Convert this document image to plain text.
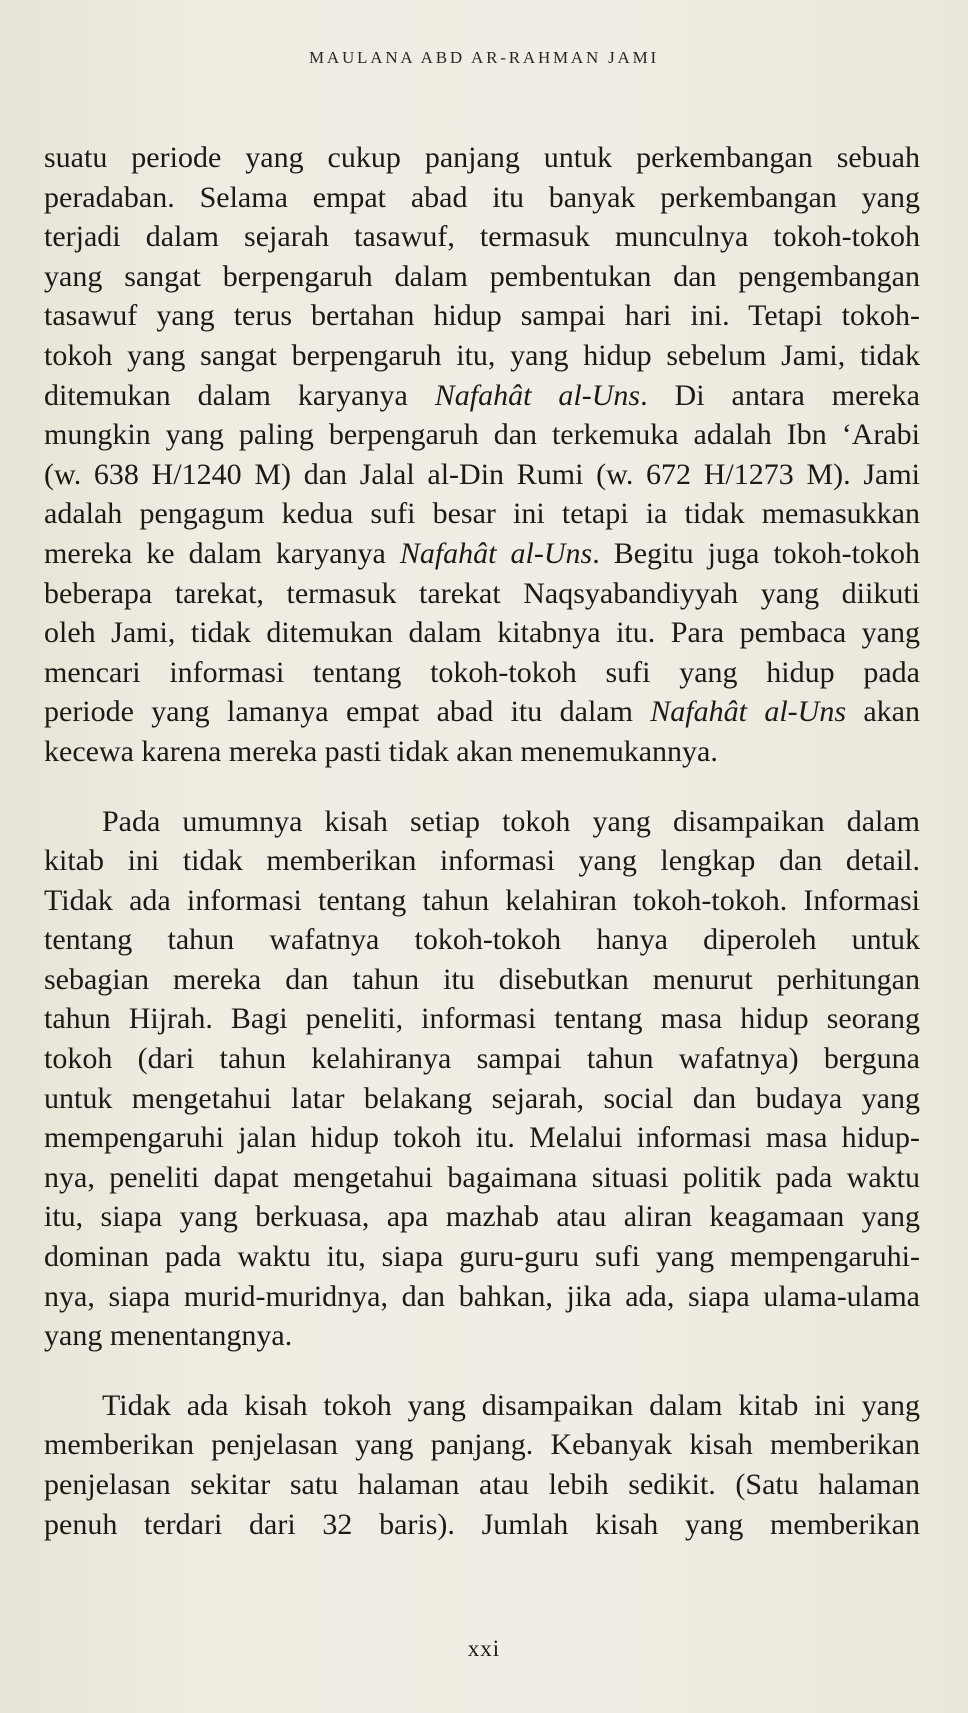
MAULANA ABD AR-RAHMAN JAMI

suatu periode yang cukup panjang untuk perkembangan sebuah
peradaban. Selama empat abad itu banyak perkembangan yang
terjadi dalam sejarah tasawuf, termasuk munculnya tokoh-tokoh
yang sangat berpengaruh dalam pembentukan dan pengembangan
tasawuf yang terus bertahan hidup sampai hari ini. Tetapi tokoh-
tokoh yang sangat berpengaruh itu, yang hidup sebelum Jami, tidak
ditemukan dalam karyanya Nafahât al-Uns. Di antara mereka
mungkin yang paling berpengaruh dan terkemuka adalah Ibn ‘Arabi
(w. 638 H/1240 M) dan Jalal al-Din Rumi (w. 672 H/1273 M). Jami
adalah pengagum kedua sufi besar ini tetapi ia tidak memasukkan
mereka ke dalam karyanya Nafahât al-Uns. Begitu juga tokoh-tokoh
beberapa tarekat, termasuk tarekat Naqsyabandiyyah yang diikuti
oleh Jami, tidak ditemukan dalam kitabnya itu. Para pembaca yang
mencari informasi tentang tokoh-tokoh sufi yang hidup pada
periode yang lamanya empat abad itu dalam Nafahât al-Uns akan
kecewa karena mereka pasti tidak akan menemukannya.

Pada umumnya kisah setiap tokoh yang disampaikan dalam
kitab ini tidak memberikan informasi yang lengkap dan detail.
Tidak ada informasi tentang tahun kelahiran tokoh-tokoh. Informasi
tentang tahun wafatnya tokoh-tokoh hanya diperoleh untuk
sebagian mereka dan tahun itu disebutkan menurut perhitungan
tahun Hijrah. Bagi peneliti, informasi tentang masa hidup seorang
tokoh (dari tahun kelahiranya sampai tahun wafatnya) berguna
untuk mengetahui latar belakang sejarah, social dan budaya yang
mempengaruhi jalan hidup tokoh itu. Melalui informasi masa hidup-
nya, peneliti dapat mengetahui bagaimana situasi politik pada waktu
itu, siapa yang berkuasa, apa mazhab atau aliran keagamaan yang
dominan pada waktu itu, siapa guru-guru sufi yang mempengaruhi-
nya, siapa murid-muridnya, dan bahkan, jika ada, siapa ulama-ulama
yang menentangnya.

Tidak ada kisah tokoh yang disampaikan dalam kitab ini yang
memberikan penjelasan yang panjang. Kebanyak kisah memberikan
penjelasan sekitar satu halaman atau lebih sedikit. (Satu halaman
penuh terdari dari 32 baris). Jumlah kisah yang memberikan

xxi
